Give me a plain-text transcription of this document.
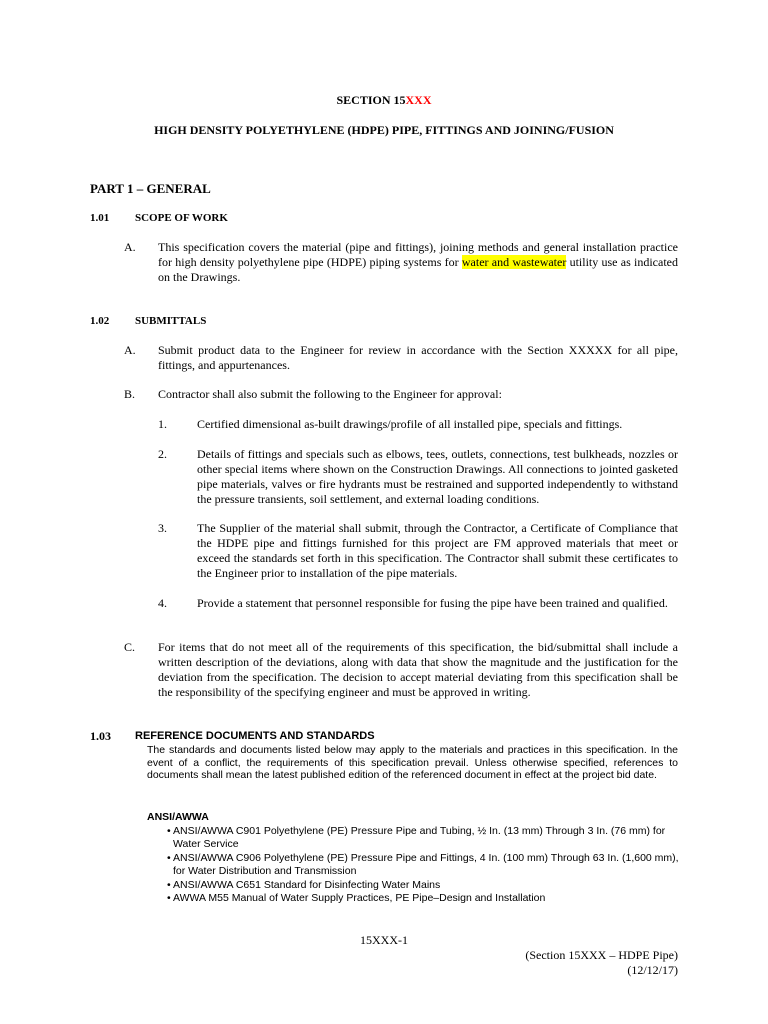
SECTION 15XXX
HIGH DENSITY POLYETHYLENE (HDPE) PIPE, FITTINGS AND JOINING/FUSION
PART 1 – GENERAL
1.01 SCOPE OF WORK
A. This specification covers the material (pipe and fittings), joining methods and general installation practice for high density polyethylene pipe (HDPE) piping systems for water and wastewater utility use as indicated on the Drawings.
1.02 SUBMITTALS
A. Submit product data to the Engineer for review in accordance with the Section XXXXX for all pipe, fittings, and appurtenances.
B. Contractor shall also submit the following to the Engineer for approval:
1.	Certified dimensional as-built drawings/profile of all installed pipe, specials and fittings.
2.	Details of fittings and specials such as elbows, tees, outlets, connections, test bulkheads, nozzles or other special items where shown on the Construction Drawings. All connections to jointed gasketed pipe materials, valves or fire hydrants must be restrained and supported independently to withstand the pressure transients, soil settlement, and external loading conditions.
3.	The Supplier of the material shall submit, through the Contractor, a Certificate of Compliance that the HDPE pipe and fittings furnished for this project are FM approved materials that meet or exceed the standards set forth in this specification. The Contractor shall submit these certificates to the Engineer prior to installation of the pipe materials.
4.	Provide a statement that personnel responsible for fusing the pipe have been trained and qualified.
C. For items that do not meet all of the requirements of this specification, the bid/submittal shall include a written description of the deviations, along with data that show the magnitude and the justification for the deviation from the specification. The decision to accept material deviating from this specification shall be the responsibility of the specifying engineer and must be approved in writing.
1.03 REFERENCE DOCUMENTS AND STANDARDS
The standards and documents listed below may apply to the materials and practices in this specification. In the event of a conflict, the requirements of this specification prevail. Unless otherwise specified, references to documents shall mean the latest published edition of the referenced document in effect at the project bid date.
ANSI/AWWA
• ANSI/AWWA C901 Polyethylene (PE) Pressure Pipe and Tubing, ½ In. (13 mm) Through 3 In. (76 mm) for Water Service
• ANSI/AWWA C906 Polyethylene (PE) Pressure Pipe and Fittings, 4 In. (100 mm) Through 63 In. (1,600 mm), for Water Distribution and Transmission
• ANSI/AWWA C651 Standard for Disinfecting Water Mains
• AWWA M55 Manual of Water Supply Practices, PE Pipe–Design and Installation
15XXX-1
(Section 15XXX – HDPE Pipe)
(12/12/17)
